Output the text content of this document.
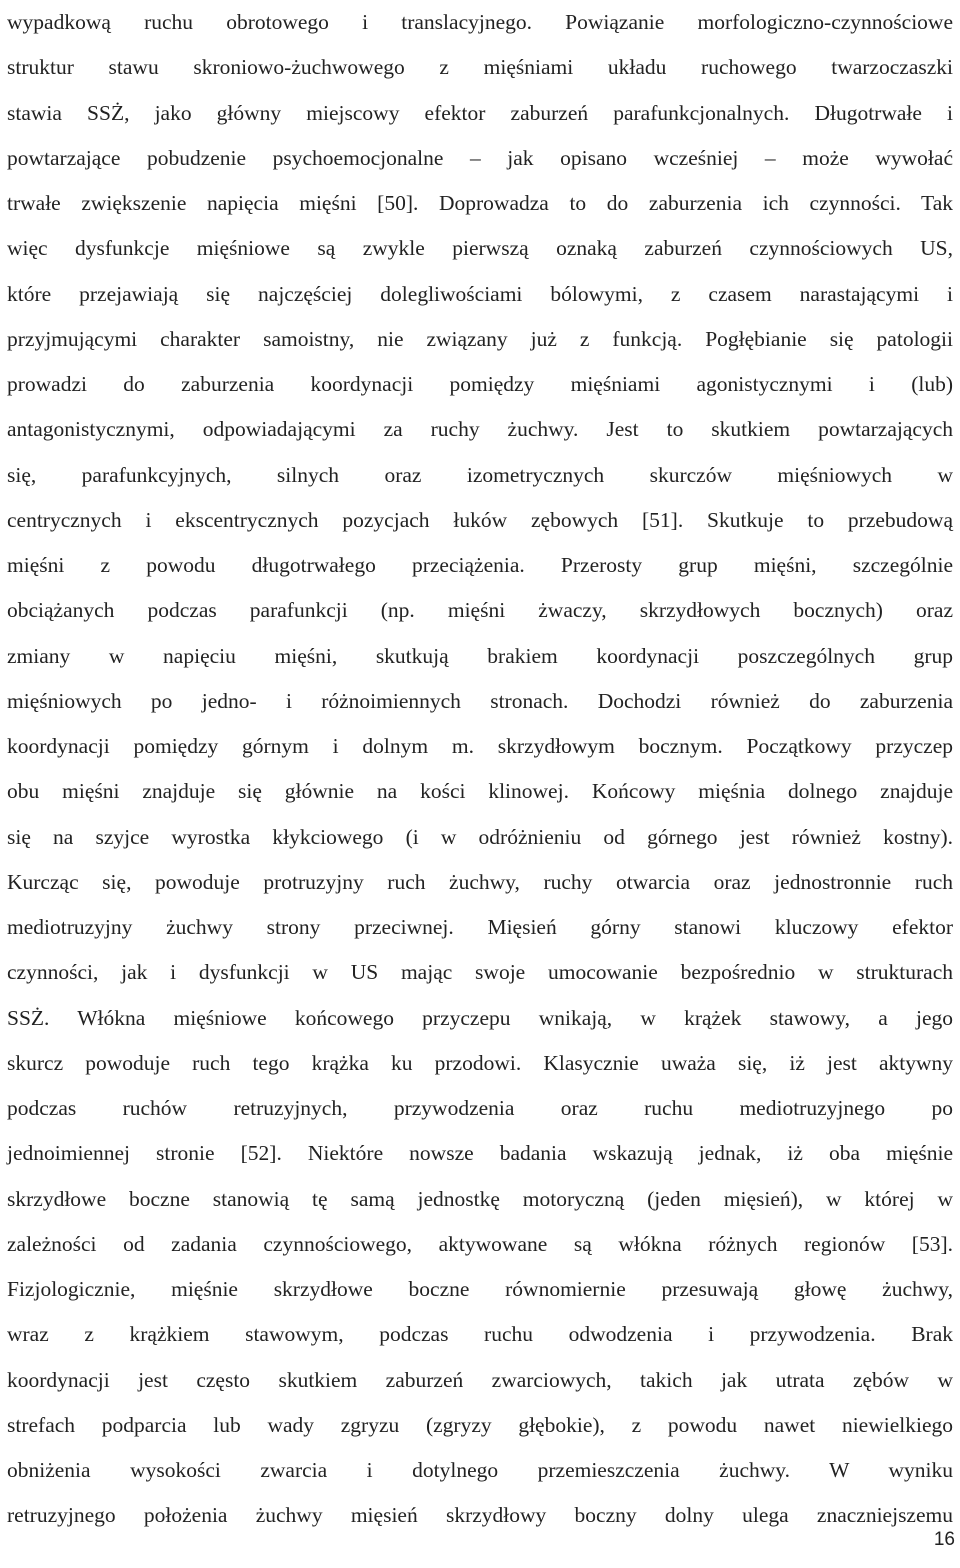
wypadkową ruchu obrotowego i translacyjnego. Powiązanie morfologiczno-czynnościowe
struktur stawu skroniowo-żuchwowego z mięśniami układu ruchowego twarzoczaszki
stawia SSŻ, jako główny miejscowy efektor zaburzeń parafunkcjonalnych. Długotrwałe i
powtarzające pobudzenie psychoemocjonalne – jak opisano wcześniej – może wywołać
trwałe zwiększenie napięcia mięśni [50]. Doprowadza to do zaburzenia ich czynności. Tak
więc dysfunkcje mięśniowe są zwykle pierwszą oznaką zaburzeń czynnościowych US,
które przejawiają się najczęściej dolegliwościami bólowymi, z czasem narastającymi i
przyjmującymi charakter samoistny, nie związany już z funkcją. Pogłębianie się patologii
prowadzi do zaburzenia koordynacji pomiędzy mięśniami agonistycznymi i (lub)
antagonistycznymi, odpowiadającymi za ruchy żuchwy. Jest to skutkiem powtarzających
się, parafunkcyjnych, silnych oraz izometrycznych skurczów mięśniowych w
centrycznych i ekscentrycznych pozycjach łuków zębowych [51]. Skutkuje to przebudową
mięśni z powodu długotrwałego przeciążenia. Przerosty grup mięśni, szczególnie
obciążanych podczas parafunkcji (np. mięśni żwaczy, skrzydłowych bocznych) oraz
zmiany w napięciu mięśni, skutkują brakiem koordynacji poszczególnych grup
mięśniowych po jedno- i różnoimiennych stronach. Dochodzi również do zaburzenia
koordynacji pomiędzy górnym i dolnym m. skrzydłowym bocznym. Początkowy przyczep
obu mięśni znajduje się głównie na kości klinowej. Końcowy mięśnia dolnego znajduje
się na szyjce wyrostka kłykciowego (i w odróżnieniu od górnego jest również kostny).
Kurcząc się, powoduje protruzyjny ruch żuchwy, ruchy otwarcia oraz jednostronnie ruch
mediotruzyjny żuchwy strony przeciwnej. Mięsień górny stanowi kluczowy efektor
czynności, jak i dysfunkcji w US mając swoje umocowanie bezpośrednio w strukturach
SSŻ. Włókna mięśniowe końcowego przyczepu wnikają, w krążek stawowy, a jego
skurcz powoduje ruch tego krążka ku przodowi. Klasycznie uważa się, iż jest aktywny
podczas ruchów retruzyjnych, przywodzenia oraz ruchu mediotruzyjnego po
jednoimiennej stronie [52]. Niektóre nowsze badania wskazują jednak, iż oba mięśnie
skrzydłowe boczne stanowią tę samą jednostkę motoryczną (jeden mięsień), w której w
zależności od zadania czynnościowego, aktywowane są włókna różnych regionów [53].
Fizjologicznie, mięśnie skrzydłowe boczne równomiernie przesuwają głowę żuchwy,
wraz z krążkiem stawowym, podczas ruchu odwodzenia i przywodzenia. Brak
koordynacji jest często skutkiem zaburzeń zwarciowych, takich jak utrata zębów w
strefach podparcia lub wady zgryzu (zgryzy głębokie), z powodu nawet niewielkiego
obniżenia wysokości zwarcia i dotylnego przemieszczenia żuchwy. W wyniku
retruzyjnego położenia żuchwy mięsień skrzydłowy boczny dolny ulega znaczniejszemu
16
